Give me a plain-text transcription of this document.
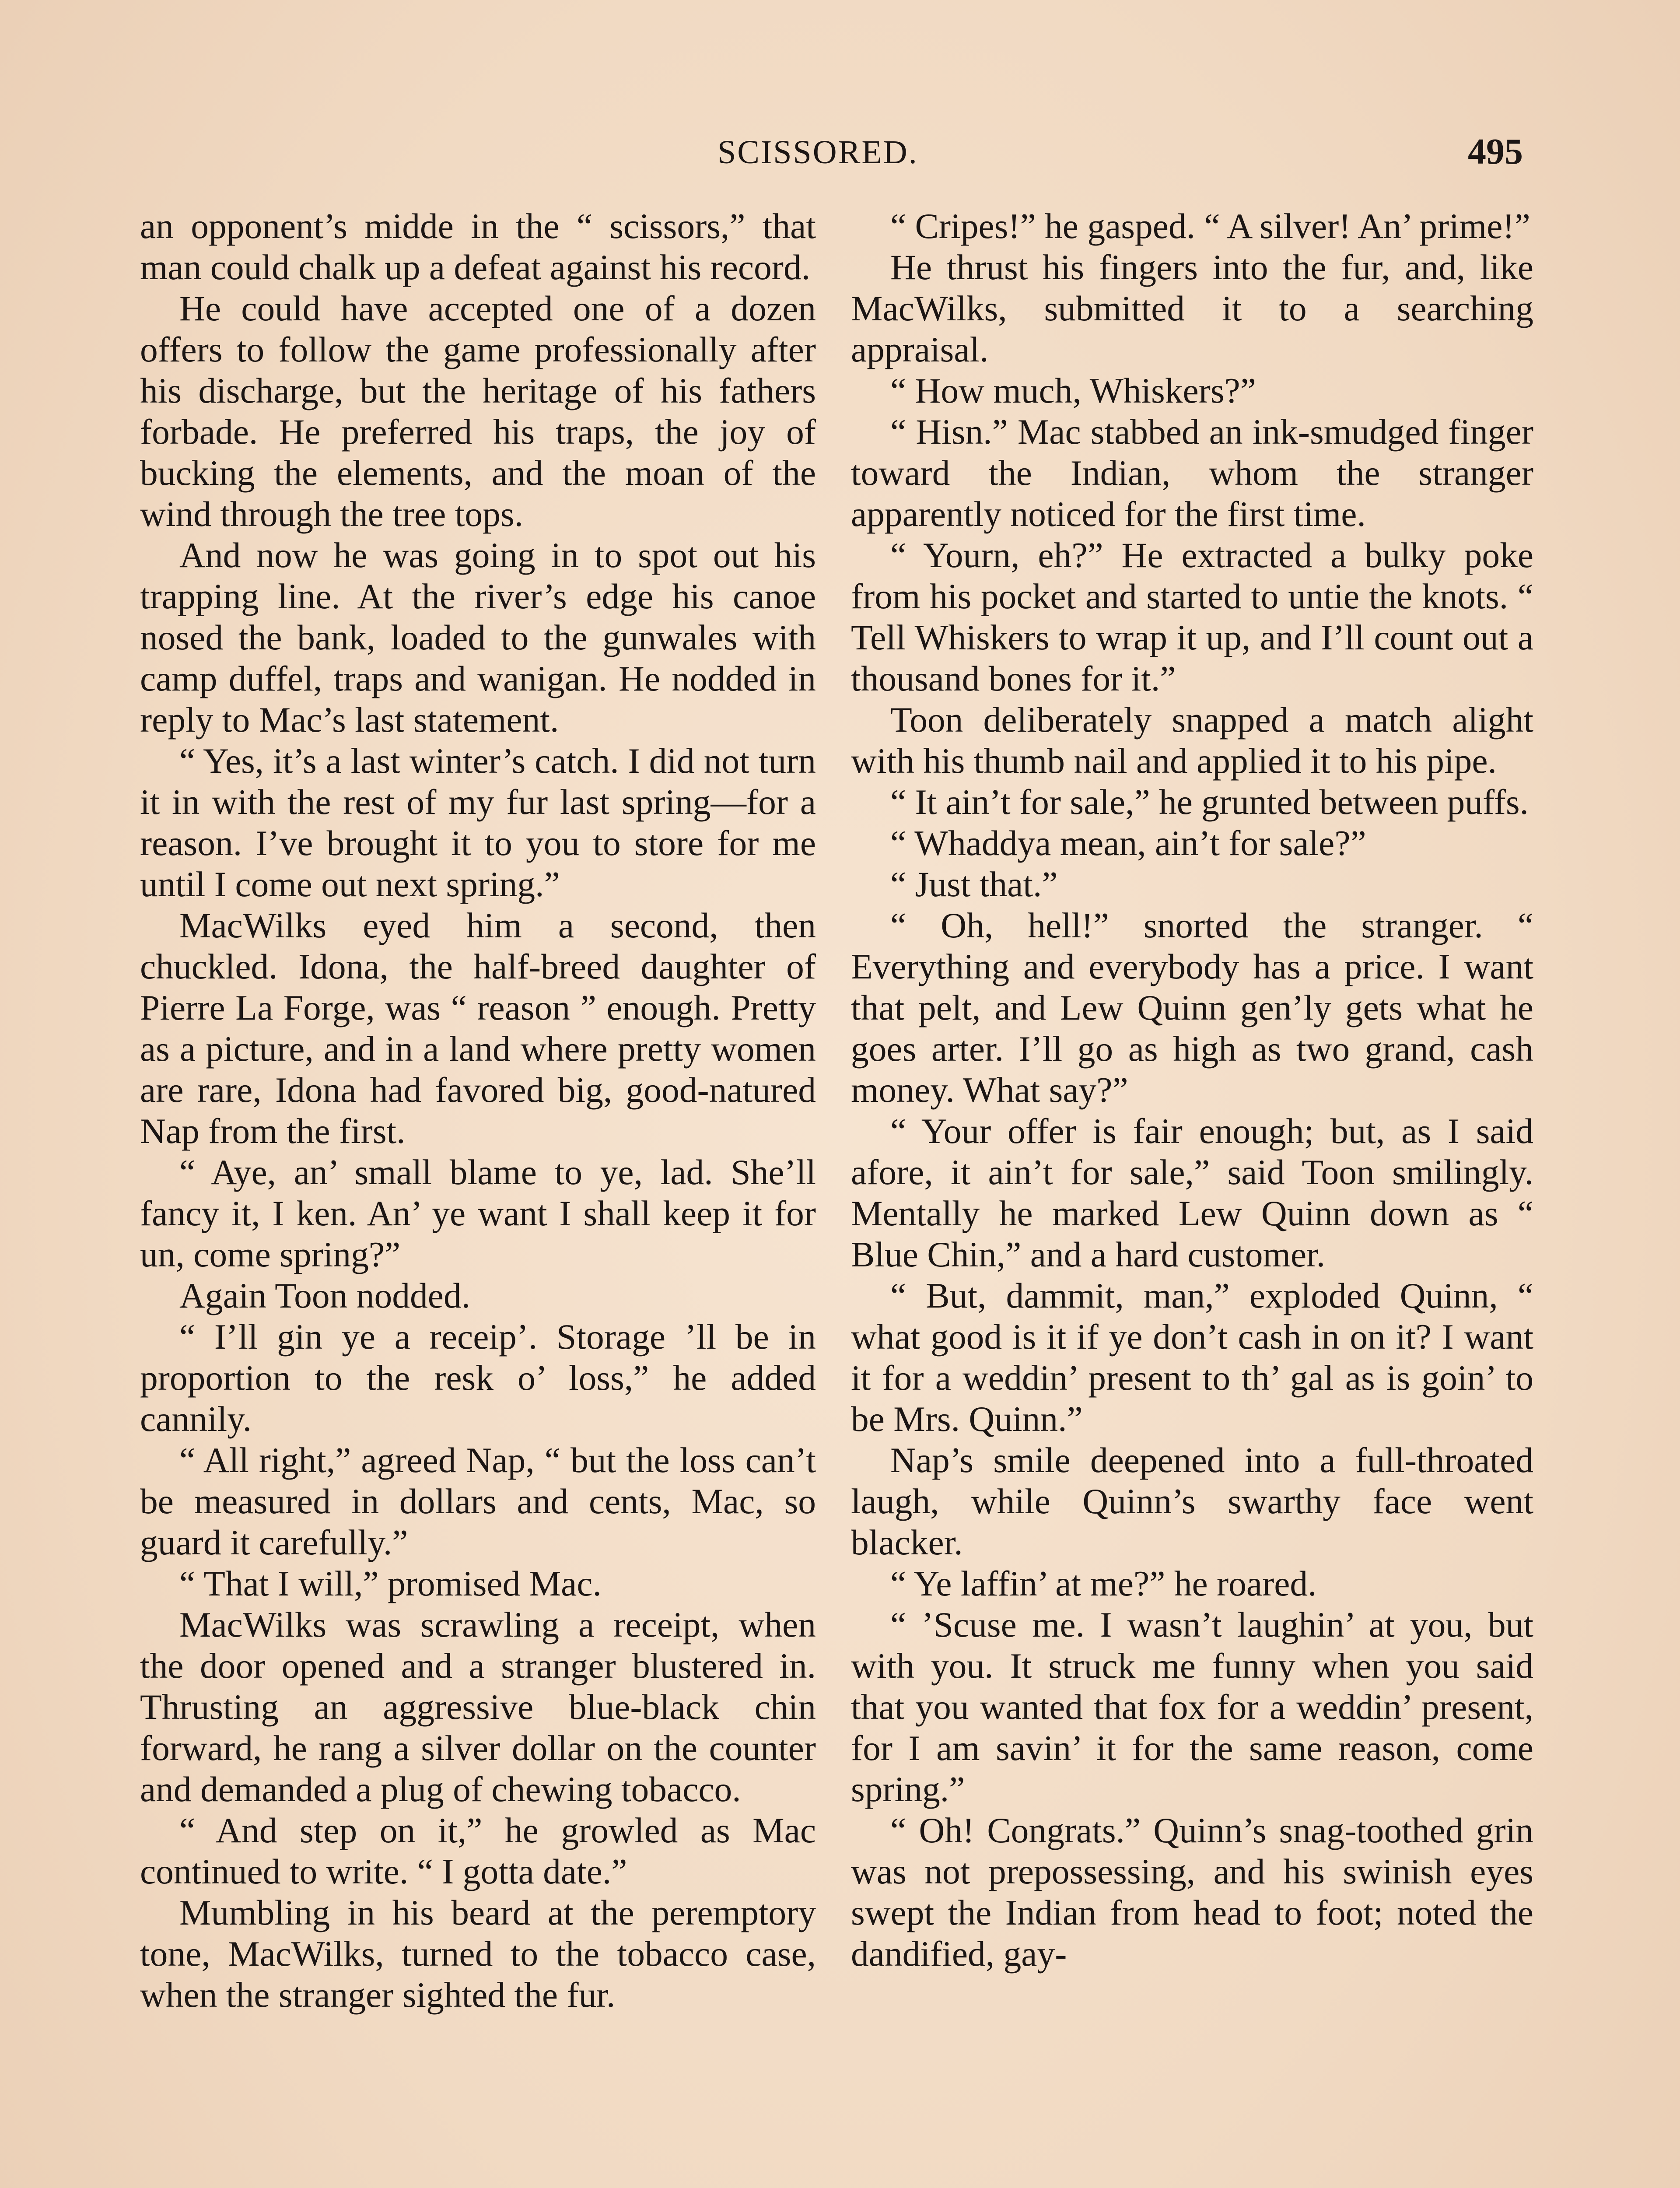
SCISSORED.	495

an opponent’s midde in the “ scissors,” that man could chalk up a defeat against his record.

He could have accepted one of a dozen offers to follow the game professionally after his discharge, but the heritage of his fathers forbade. He preferred his traps, the joy of bucking the elements, and the moan of the wind through the tree tops.

And now he was going in to spot out his trapping line. At the river’s edge his canoe nosed the bank, loaded to the gunwales with camp duffel, traps and wanigan. He nodded in reply to Mac’s last statement.

“ Yes, it’s a last winter’s catch. I did not turn it in with the rest of my fur last spring—for a reason. I’ve brought it to you to store for me until I come out next spring.”

MacWilks eyed him a second, then chuckled. Idona, the half-breed daughter of Pierre La Forge, was “ reason ” enough. Pretty as a picture, and in a land where pretty women are rare, Idona had favored big, good-natured Nap from the first.

“ Aye, an’ small blame to ye, lad. She’ll fancy it, I ken. An’ ye want I shall keep it for un, come spring?”

Again Toon nodded.

“ I’ll gin ye a receip’. Storage ’ll be in proportion to the resk o’ loss,” he added cannily.

“ All right,” agreed Nap, “ but the loss can’t be measured in dollars and cents, Mac, so guard it carefully.”

“ That I will,” promised Mac.

MacWilks was scrawling a receipt, when the door opened and a stranger blustered in. Thrusting an aggressive blue-black chin forward, he rang a silver dollar on the counter and demanded a plug of chewing tobacco.

“ And step on it,” he growled as Mac continued to write. “ I gotta date.”

Mumbling in his beard at the peremptory tone, MacWilks, turned to the tobacco case, when the stranger sighted the fur.

“ Cripes!” he gasped. “ A silver! An’ prime!”

He thrust his fingers into the fur, and, like MacWilks, submitted it to a searching appraisal.

“ How much, Whiskers?”

“ Hisn.” Mac stabbed an ink-smudged finger toward the Indian, whom the stranger apparently noticed for the first time.

“ Yourn, eh?” He extracted a bulky poke from his pocket and started to untie the knots. “ Tell Whiskers to wrap it up, and I’ll count out a thousand bones for it.”

Toon deliberately snapped a match alight with his thumb nail and applied it to his pipe.

“ It ain’t for sale,” he grunted between puffs.

“ Whaddya mean, ain’t for sale?”

“ Just that.”

“ Oh, hell!” snorted the stranger. “ Everything and everybody has a price. I want that pelt, and Lew Quinn gen’ly gets what he goes arter. I’ll go as high as two grand, cash money. What say?”

“ Your offer is fair enough; but, as I said afore, it ain’t for sale,” said Toon smilingly. Mentally he marked Lew Quinn down as “ Blue Chin,” and a hard customer.

“ But, dammit, man,” exploded Quinn, “ what good is it if ye don’t cash in on it? I want it for a weddin’ present to th’ gal as is goin’ to be Mrs. Quinn.”

Nap’s smile deepened into a full-throated laugh, while Quinn’s swarthy face went blacker.

“ Ye laffin’ at me?” he roared.

“ ’Scuse me. I wasn’t laughin’ at you, but with you. It struck me funny when you said that you wanted that fox for a weddin’ present, for I am savin’ it for the same reason, come spring.”

“ Oh! Congrats.” Quinn’s snag-toothed grin was not prepossessing, and his swinish eyes swept the Indian from head to foot; noted the dandified, gay-
